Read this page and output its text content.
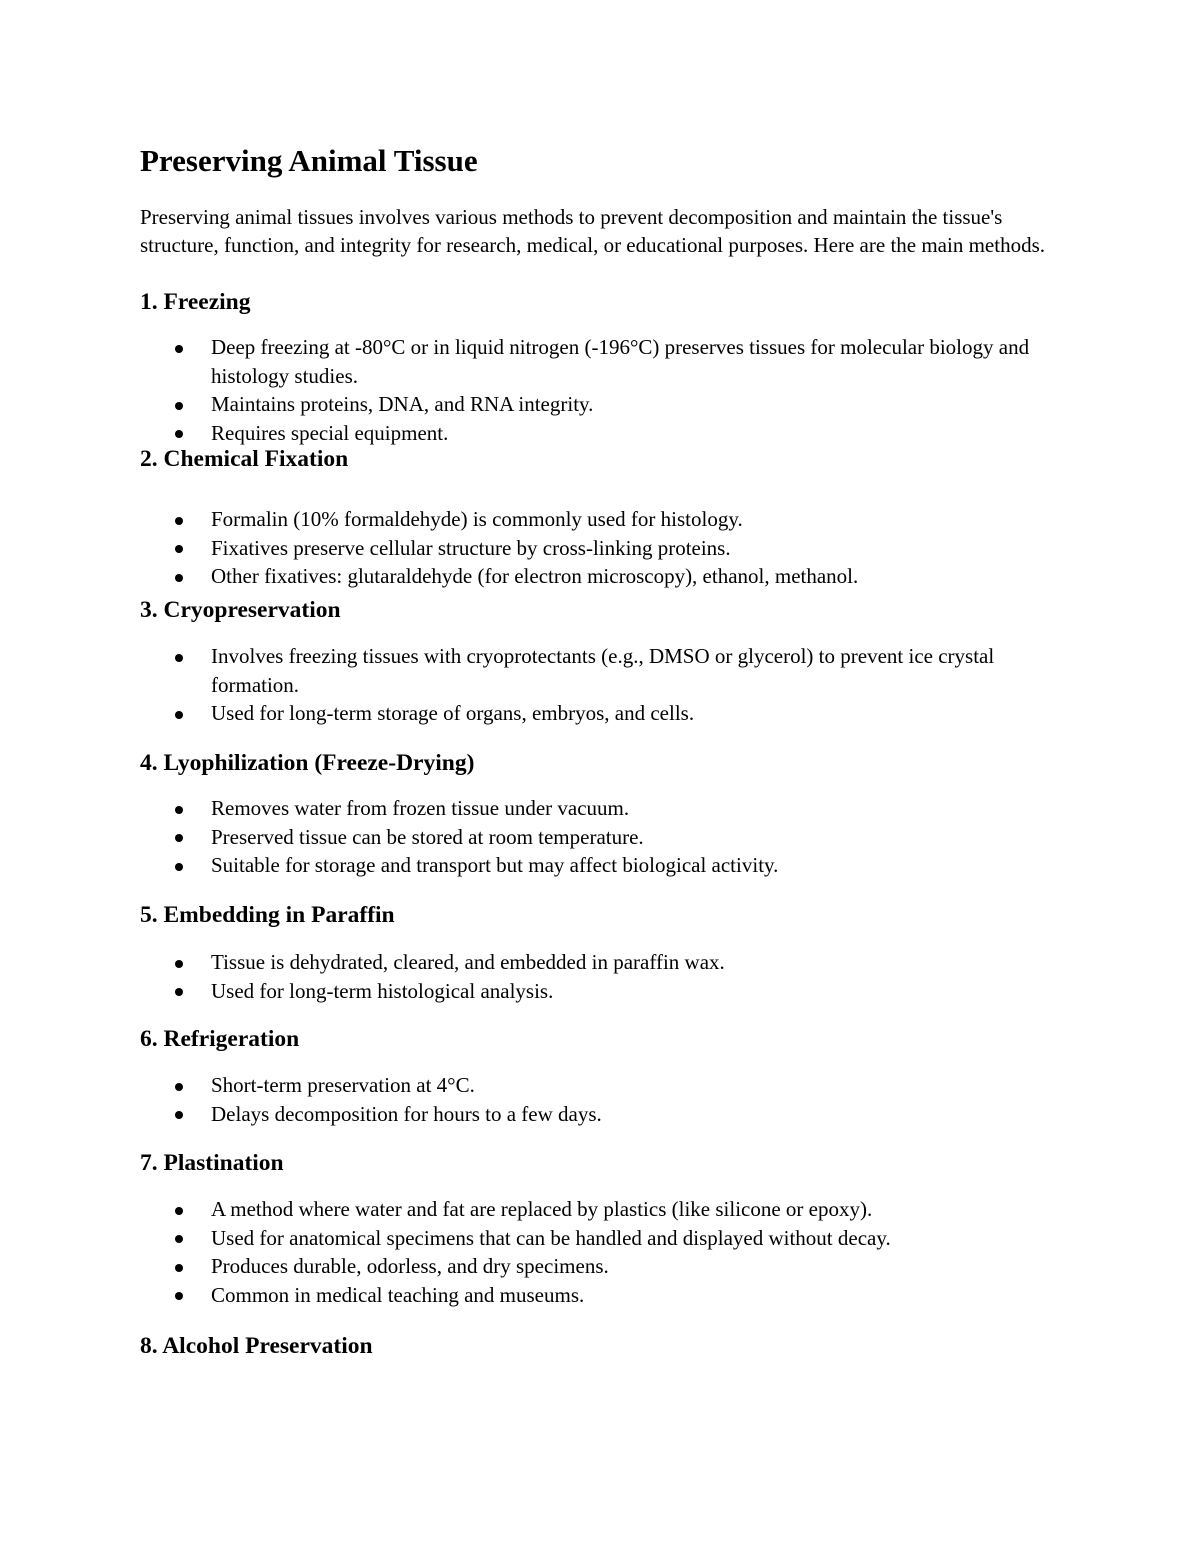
Preserving Animal Tissue

Preserving animal tissues involves various methods to prevent decomposition and maintain the tissue's structure, function, and integrity for research, medical, or educational purposes. Here are the main methods.

1. Freezing
Deep freezing at -80°C or in liquid nitrogen (-196°C) preserves tissues for molecular biology and histology studies.
Maintains proteins, DNA, and RNA integrity.
Requires special equipment.
2. Chemical Fixation
Formalin (10% formaldehyde) is commonly used for histology.
Fixatives preserve cellular structure by cross-linking proteins.
Other fixatives: glutaraldehyde (for electron microscopy), ethanol, methanol.
3. Cryopreservation
Involves freezing tissues with cryoprotectants (e.g., DMSO or glycerol) to prevent ice crystal formation.
Used for long-term storage of organs, embryos, and cells.
4. Lyophilization (Freeze-Drying)
Removes water from frozen tissue under vacuum.
Preserved tissue can be stored at room temperature.
Suitable for storage and transport but may affect biological activity.
5. Embedding in Paraffin
Tissue is dehydrated, cleared, and embedded in paraffin wax.
Used for long-term histological analysis.
6. Refrigeration
Short-term preservation at 4°C.
Delays decomposition for hours to a few days.
7. Plastination
A method where water and fat are replaced by plastics (like silicone or epoxy).
Used for anatomical specimens that can be handled and displayed without decay.
Produces durable, odorless, and dry specimens.
Common in medical teaching and museums.
8. Alcohol Preservation
